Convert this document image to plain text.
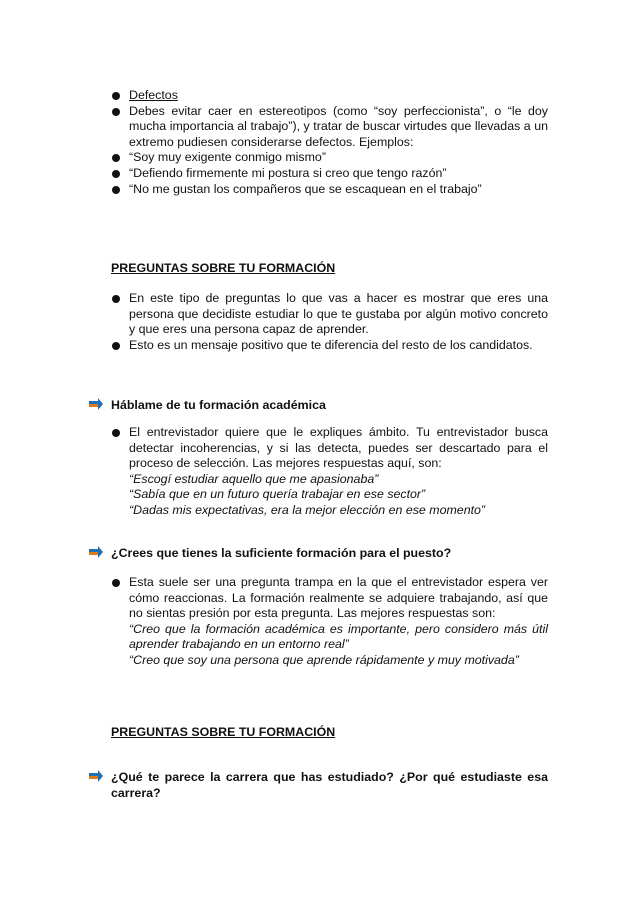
Defectos
Debes evitar caer en estereotipos (como “soy perfeccionista”, o “le doy mucha importancia al trabajo”), y tratar de buscar virtudes que llevadas a un extremo pudiesen considerarse defectos. Ejemplos:
“Soy muy exigente conmigo mismo”
“Defiendo firmemente mi postura si creo que tengo razón”
“No me gustan los compañeros que se escaquean en el trabajo”
PREGUNTAS SOBRE TU FORMACIÓN
En este tipo de preguntas lo que vas a hacer es mostrar que eres una persona que decidiste estudiar lo que te gustaba por algún motivo concreto y que eres una persona capaz de aprender.
Esto es un mensaje positivo que te diferencia del resto de los candidatos.
Háblame de tu formación académica
El entrevistador quiere que le expliques ámbito. Tu entrevistador busca detectar incoherencias, y si las detecta, puedes ser descartado para el proceso de selección. Las mejores respuestas aquí, son:
“Escogí estudiar aquello que me apasionaba”
“Sabía que en un futuro quería trabajar en ese sector”
“Dadas mis expectativas, era la mejor elección en ese momento”
¿Crees que tienes la suficiente formación para el puesto?
Esta suele ser una pregunta trampa en la que el entrevistador espera ver cómo reaccionas. La formación realmente se adquiere trabajando, así que no sientas presión por esta pregunta. Las mejores respuestas son:
“Creo que la formación académica es importante, pero considero más útil aprender trabajando en un entorno real”
“Creo que soy una persona que aprende rápidamente y muy motivada”
PREGUNTAS SOBRE TU FORMACIÓN
¿Qué te parece la carrera que has estudiado? ¿Por qué estudiaste esa carrera?
